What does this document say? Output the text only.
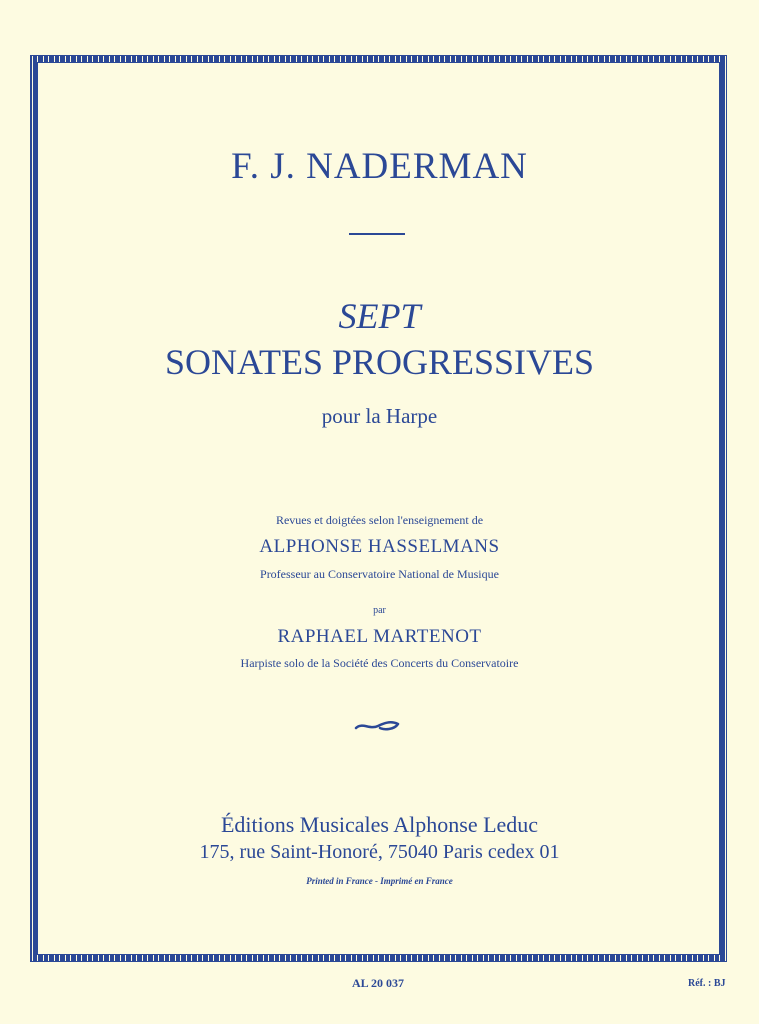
F. J. NADERMAN
SEPT
SONATES PROGRESSIVES
pour la Harpe
Revues et doigtées selon l'enseignement de
ALPHONSE HASSELMANS
Professeur au Conservatoire National de Musique
par
RAPHAEL MARTENOT
Harpiste solo de la Société des Concerts du Conservatoire
Éditions Musicales Alphonse Leduc
175, rue Saint-Honoré, 75040 Paris cedex 01
Printed in France - Imprimé en France
AL 20 037	Réf. : BJ
